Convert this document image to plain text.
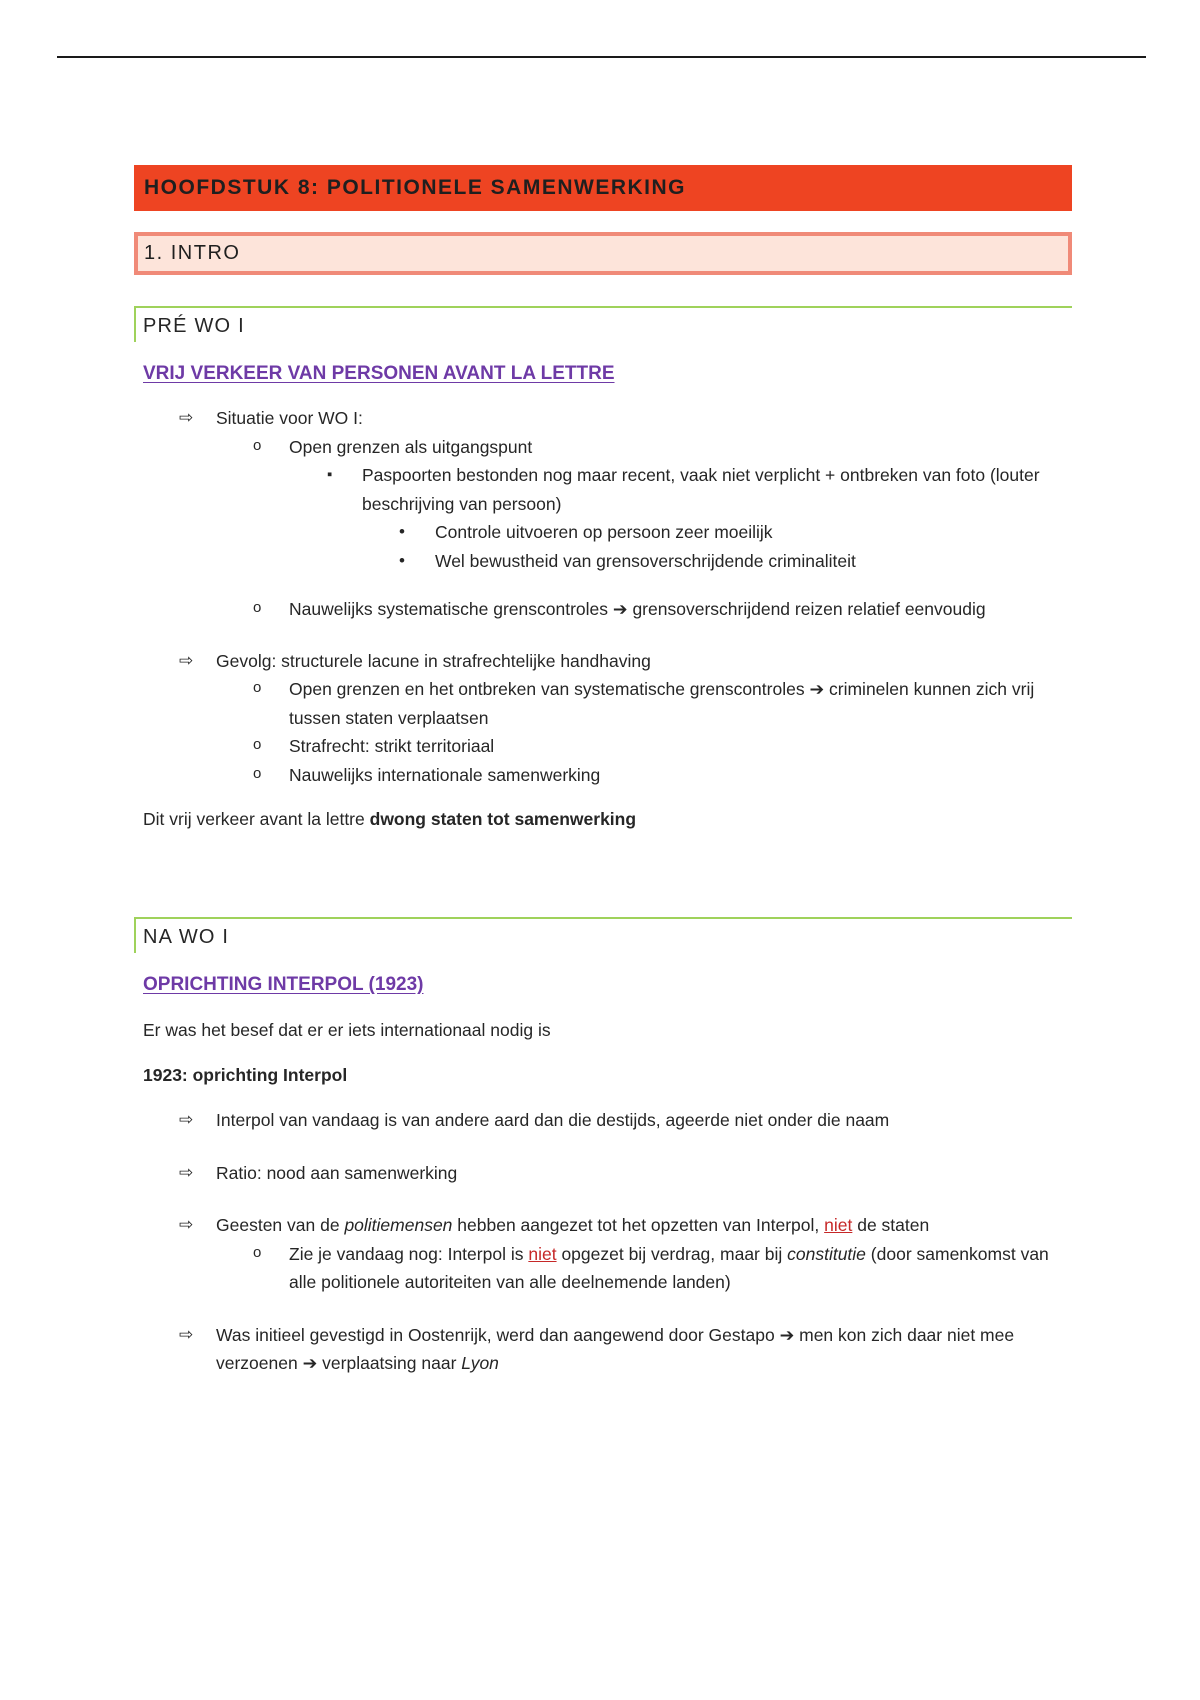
HOOFDSTUK 8: POLITIONELE SAMENWERKING
1. INTRO
PRÉ WO I
VRIJ VERKEER VAN PERSONEN AVANT LA LETTRE
⇨ Situatie voor WO I:
o Open grenzen als uitgangspunt
▪ Paspoorten bestonden nog maar recent, vaak niet verplicht + ontbreken van foto (louter beschrijving van persoon)
• Controle uitvoeren op persoon zeer moeilijk
• Wel bewustheid van grensoverschrijdende criminaliteit
o Nauwelijks systematische grenscontroles ➔ grensoverschrijdend reizen relatief eenvoudig
⇨ Gevolg: structurele lacune in strafrechtelijke handhaving
o Open grenzen en het ontbreken van systematische grenscontroles ➔ criminelen kunnen zich vrij tussen staten verplaatsen
o Strafrecht: strikt territoriaal
o Nauwelijks internationale samenwerking
Dit vrij verkeer avant la lettre dwong staten tot samenwerking
NA WO I
OPRICHTING INTERPOL (1923)
Er was het besef dat er er iets internationaal nodig is
1923: oprichting Interpol
⇨ Interpol van vandaag is van andere aard dan die destijds, ageerde niet onder die naam
⇨ Ratio: nood aan samenwerking
⇨ Geesten van de politiemensen hebben aangezet tot het opzetten van Interpol, niet de staten
o Zie je vandaag nog: Interpol is niet opgezet bij verdrag, maar bij constitutie (door samenkomst van alle politionele autoriteiten van alle deelnemende landen)
⇨ Was initieel gevestigd in Oostenrijk, werd dan aangewend door Gestapo ➔ men kon zich daar niet mee verzoenen ➔ verplaatsing naar Lyon
